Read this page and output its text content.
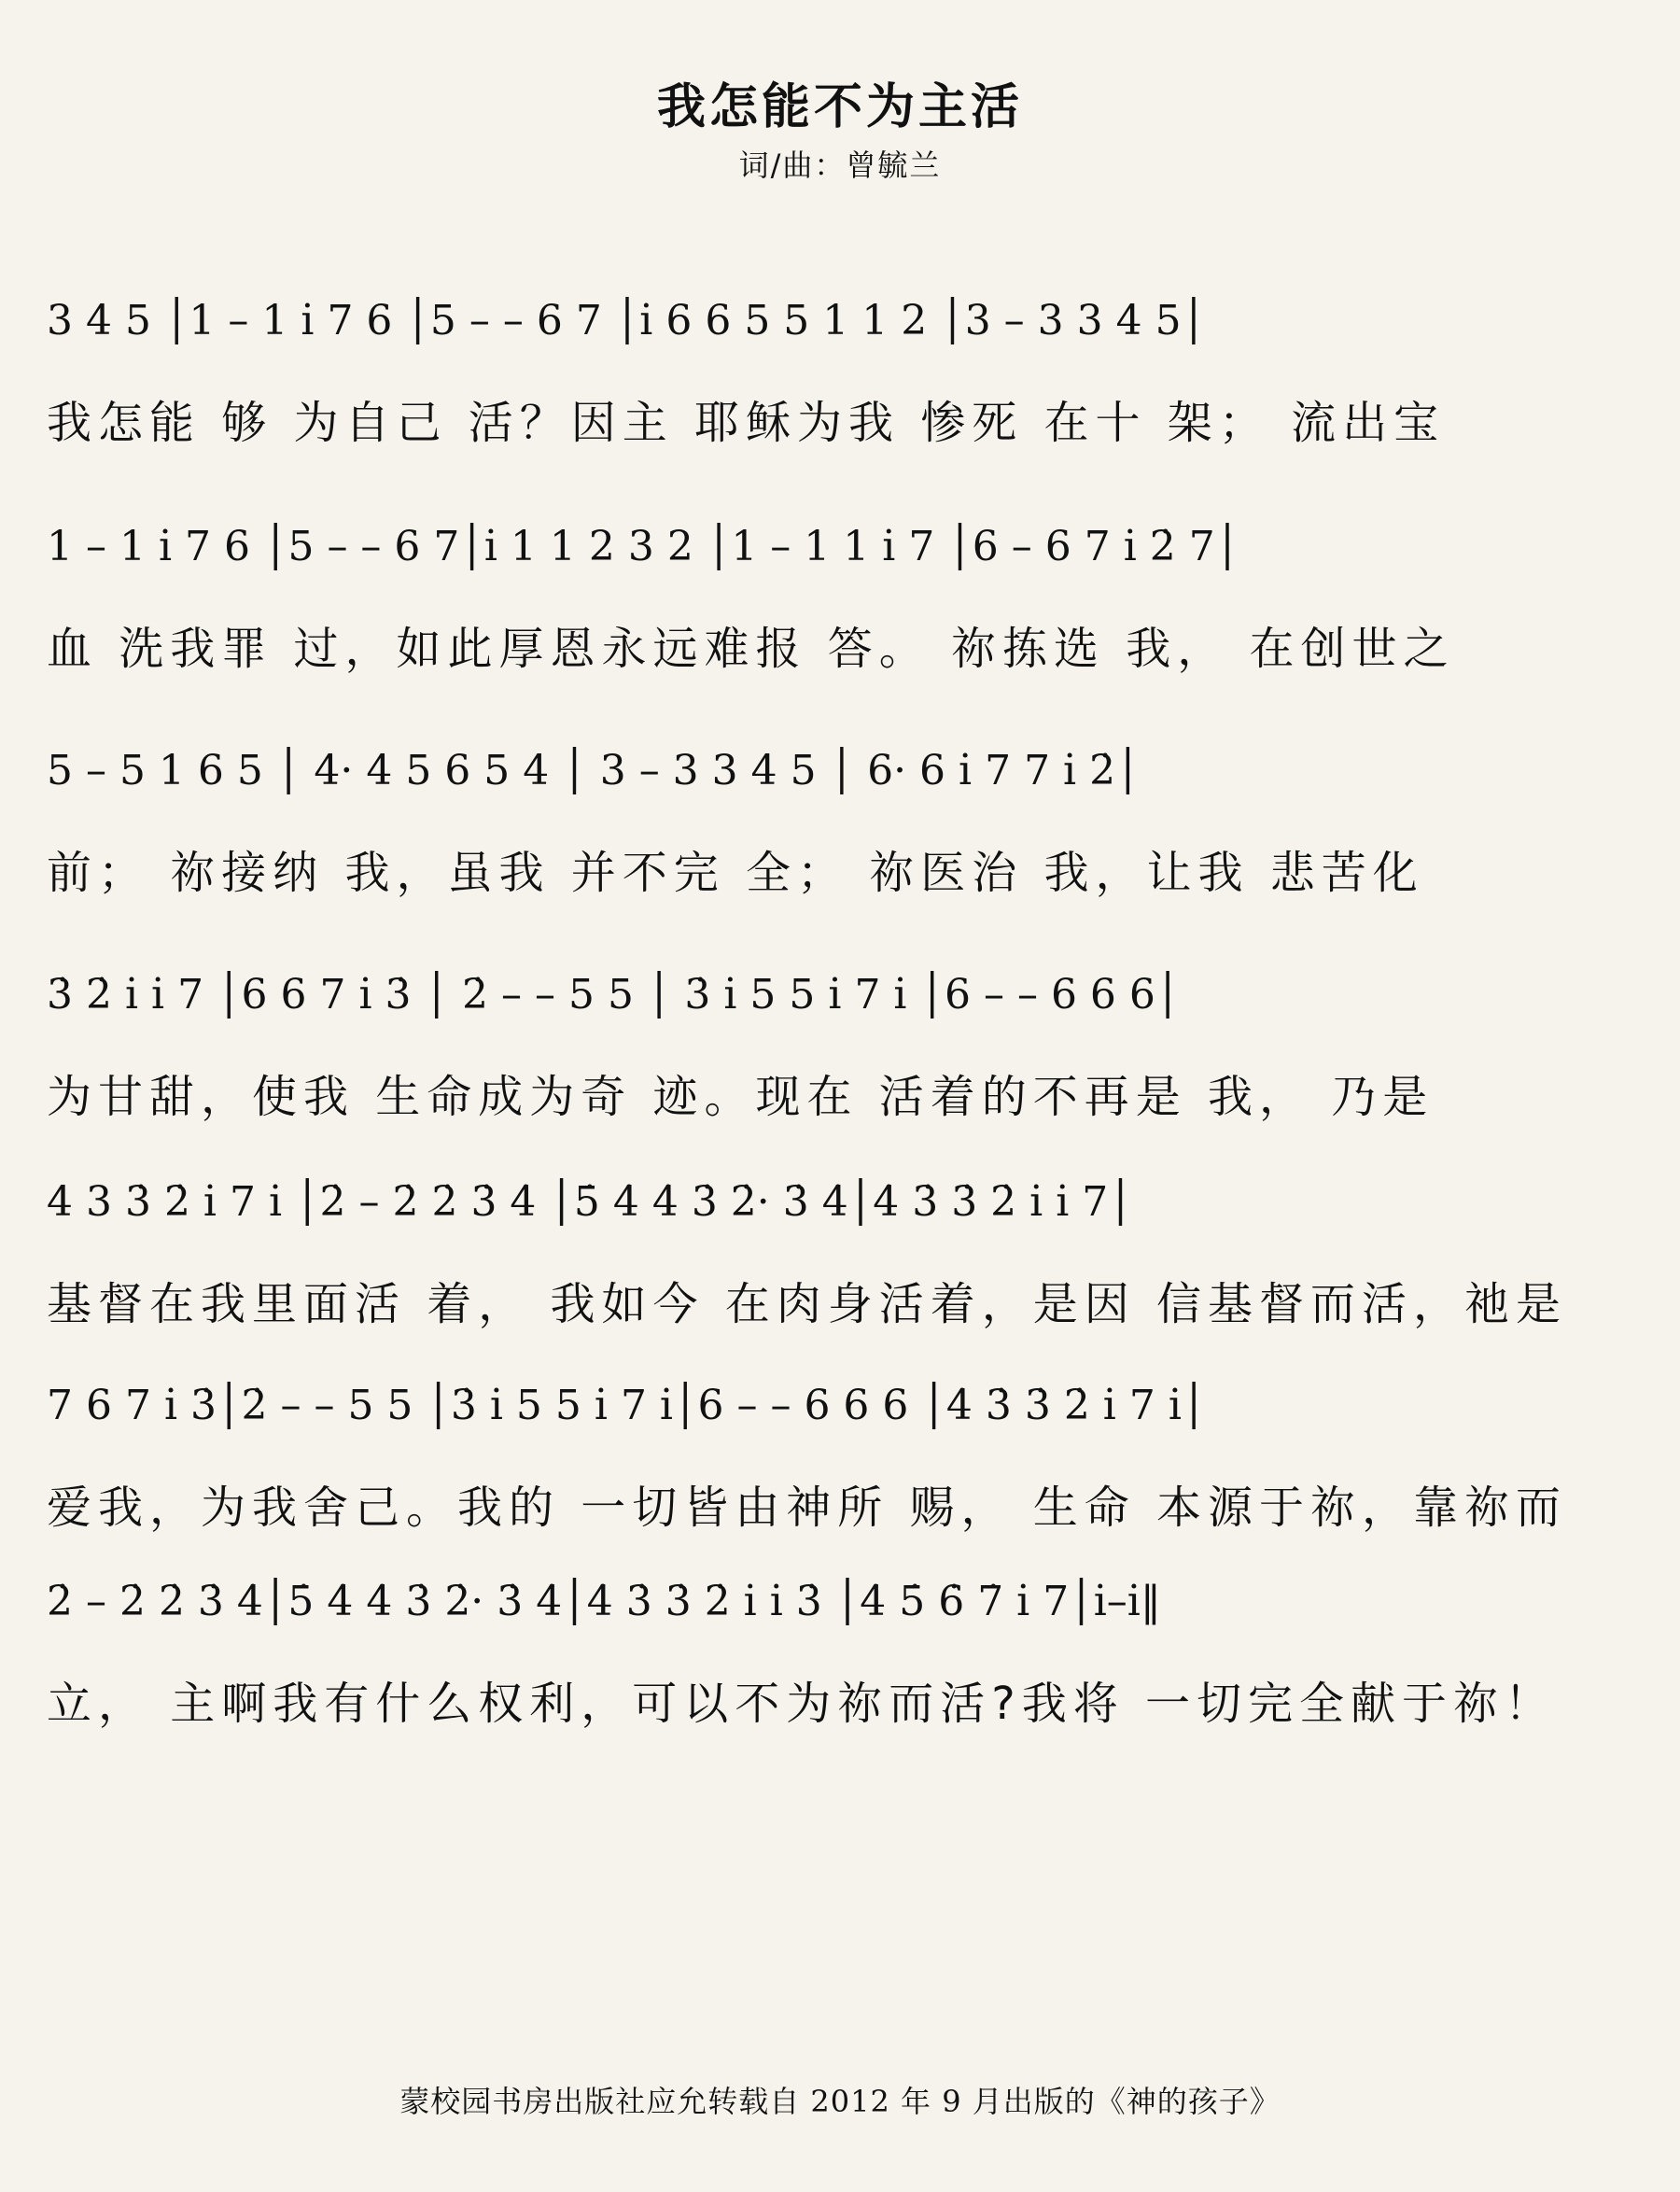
我怎能不为主活
词/曲：曾毓兰
3 4 5 │1 – 1 i̇ 7 6 │5 – – 6 7 │i̇ 6 6 5 5 1 1 2 │3 – 3 3 4 5│
我怎能 够 为自己 活？因主 耶稣为我 惨死 在十 架； 流出宝
1 – 1 i̇ 7 6 │5 – – 6 7│i̇ 1 1 2 3 2 │1 – 1 1 i̇ 7 │6 – 6 7 i̇ 2̇ 7│
血 洗我罪 过，如此厚恩永远难报 答。 祢拣选 我， 在创世之
5 – 5 1 6 5 │ 4· 4 5 6 5 4 │ 3 – 3 3 4 5 │ 6· 6 i̇ 7 7 i̇ 2̇│
前； 祢接纳 我，虽我 并不完 全； 祢医治 我，让我 悲苦化
3̇ 2̇ i̇ i̇ 7 │6 6 7 i̇ 3̇ │ 2̇ – – 5 5 │ 3̇ i̇ 5 5 i̇ 7 i̇ │6 – – 6 6 6│
为甘甜，使我 生命成为奇 迹。现在 活着的不再是 我， 乃是
4 3 3̇ 2̇ i̇ 7 i̇ │2̇ – 2̇ 2̇ 3̇ 4̇ │5̇ 4̇ 4̇ 3̇ 2̇· 3̇ 4̇│4̇ 3̇ 3̇ 2̇ i̇ i̇ 7│
基督在我里面活 着， 我如今 在肉身活着，是因 信基督而活，祂是
7 6 7 i̇ 3̇│2̇ – – 5 5 │3̇ i̇ 5 5 i̇ 7 i̇│6 – – 6 6 6 │4̇ 3̇ 3̇ 2̇ i̇ 7 i̇│
爱我，为我舍己。我的 一切皆由神所 赐， 生命 本源于祢，靠祢而
2̇ – 2̇ 2̇ 3̇ 4̇│5̇ 4̇ 4̇ 3̇ 2̇· 3̇ 4̇│4̇ 3̇ 3̇ 2̇ i̇ i̇ 3̇ │4̇ 5̇ 6̇ 7̇ i̇ 7│i̇–i̇‖
立， 主啊我有什么权利，可以不为祢而活?我将 一切完全献于祢！
蒙校园书房出版社应允转载自 2012 年 9 月出版的《神的孩子》
